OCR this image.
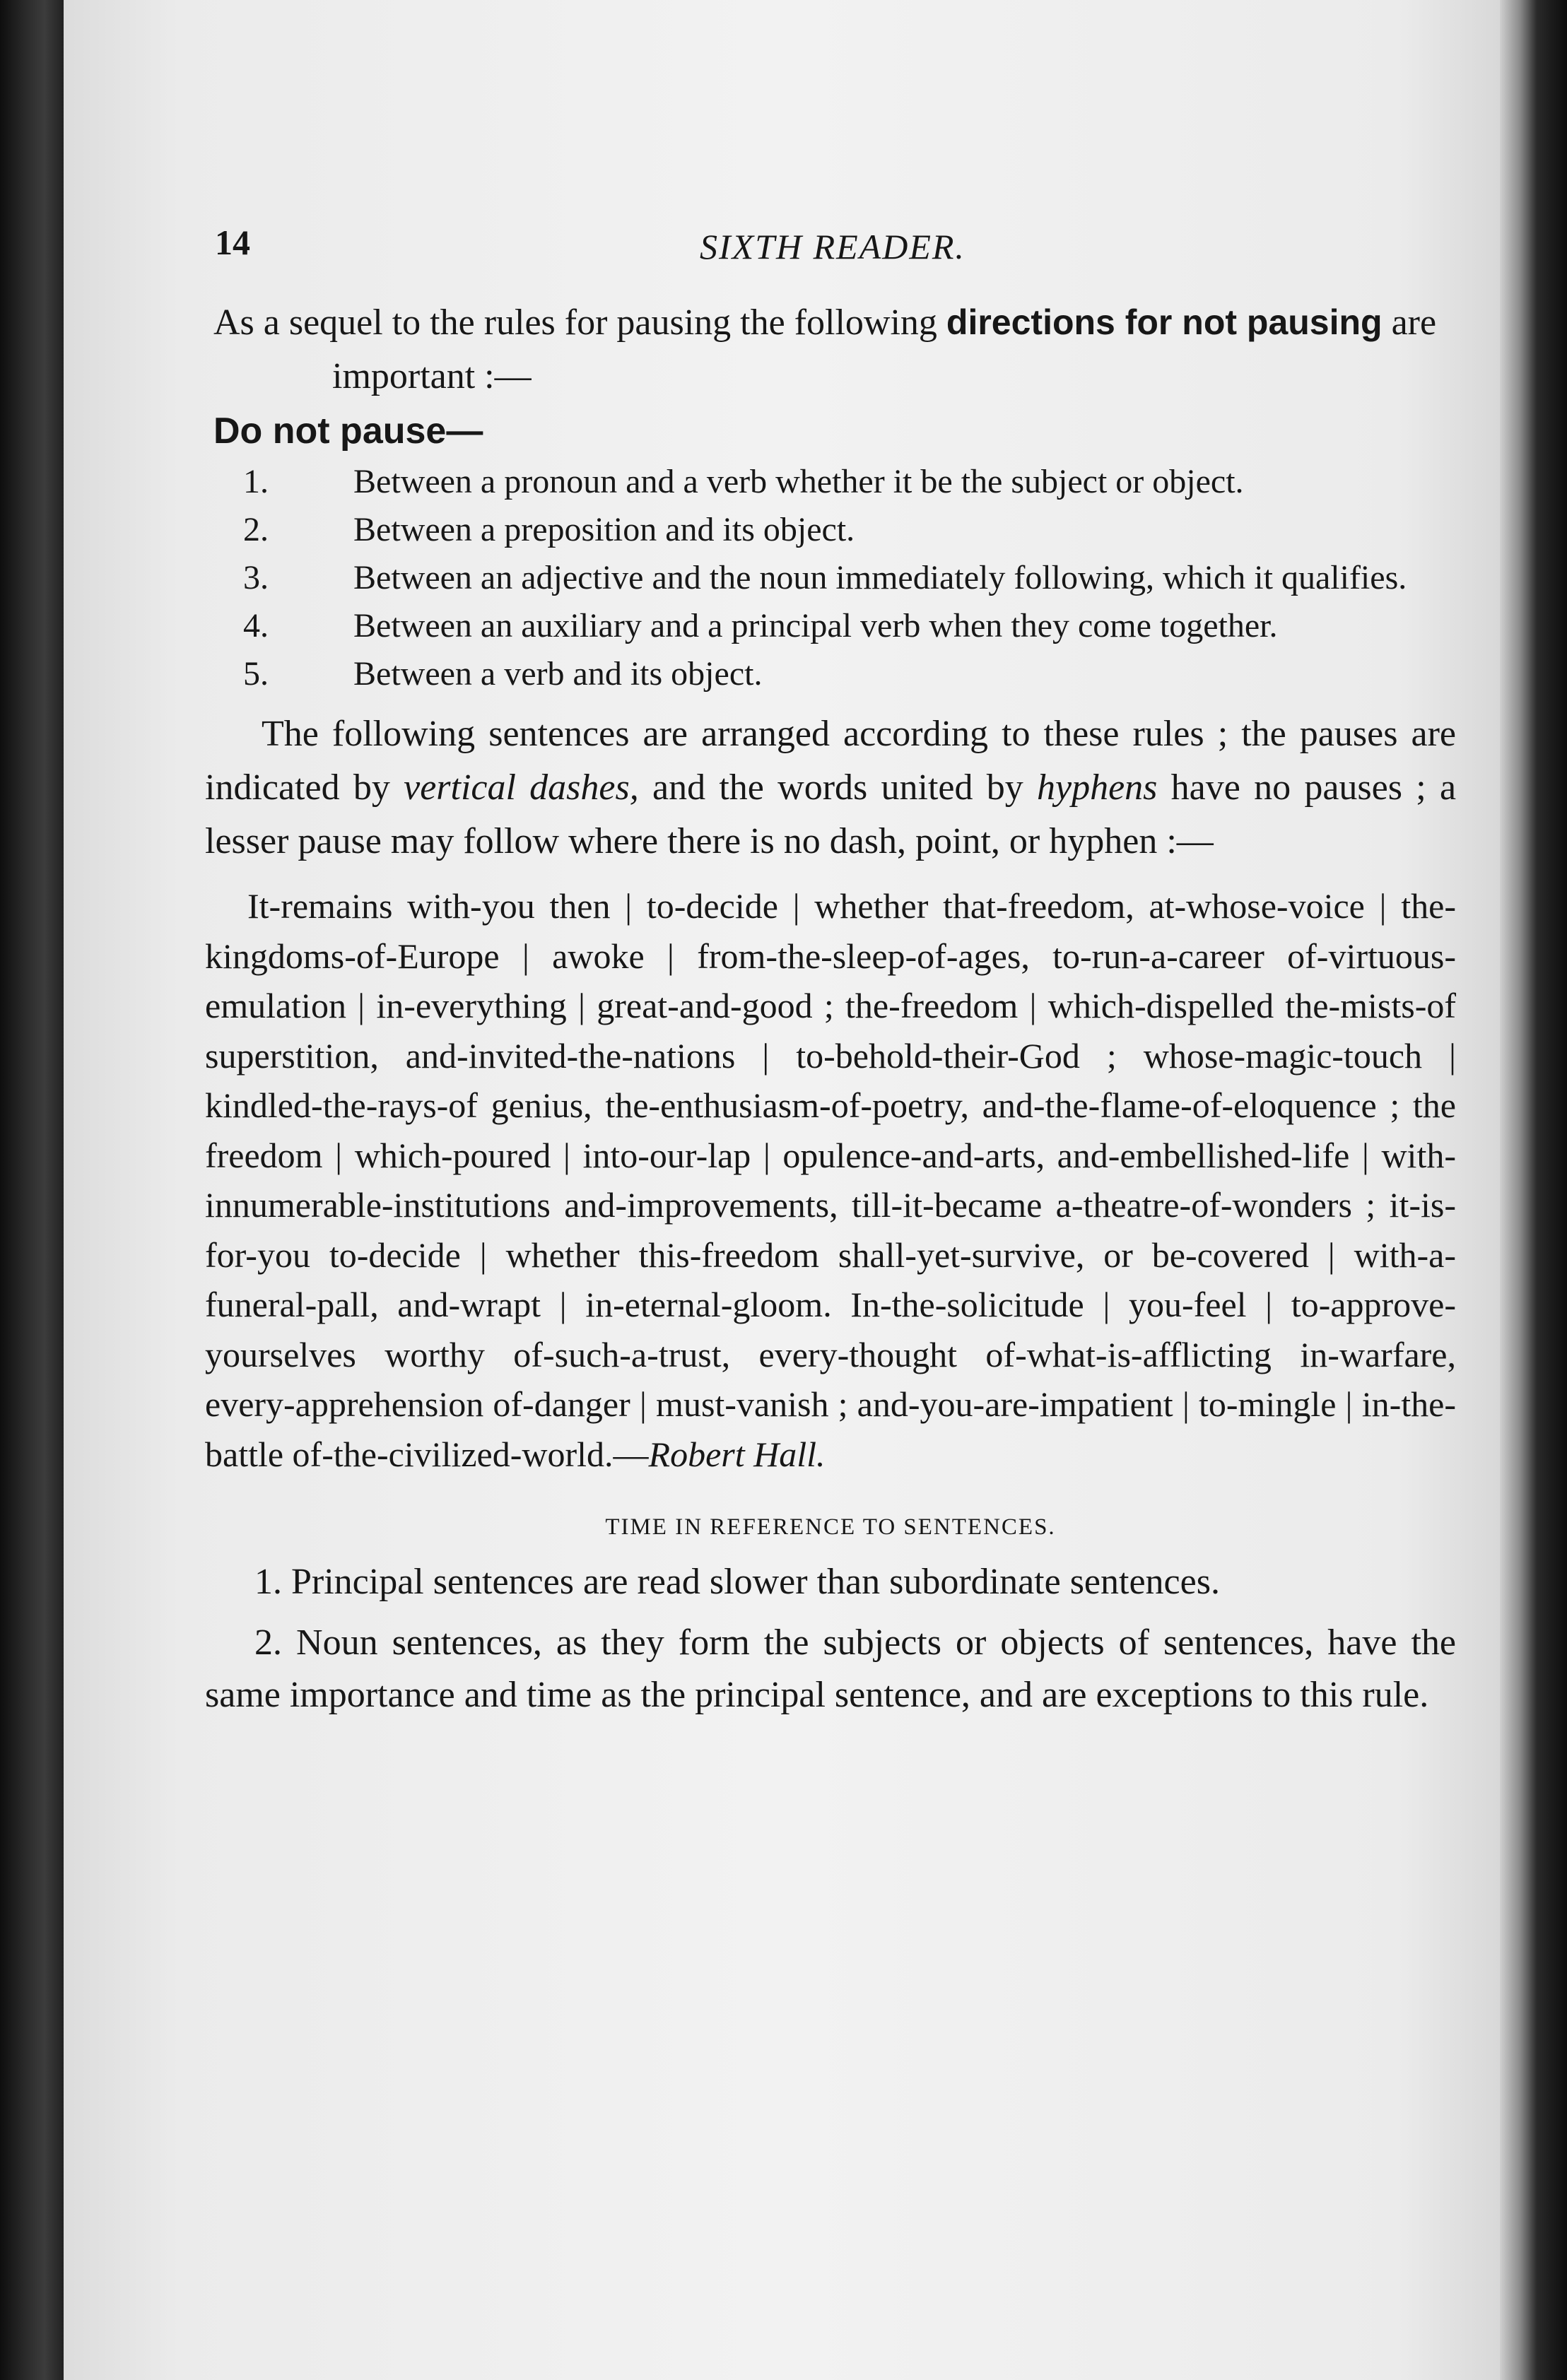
14	SIXTH READER.

As a sequel to the rules for pausing the following directions for not pausing are important :—

Do not pause—
1.	Between a pronoun and a verb whether it be the subject or object.
2.	Between a preposition and its object.
3.	Between an adjective and the noun immediately following, which it qualifies.
4.	Between an auxiliary and a principal verb when they come together.
5.	Between a verb and its object.

The following sentences are arranged according to these rules ; the pauses are indicated by vertical dashes, and the words united by hyphens have no pauses ; a lesser pause may follow where there is no dash, point, or hyphen :—

It-remains with-you then | to-decide | whether that-freedom, at-whose-voice | the-kingdoms-of-Europe | awoke | from-the-sleep-of-ages, to-run-a-career of-virtuous-emulation | in-everything | great-and-good ; the-freedom | which-dispelled the-mists-of superstition, and-invited-the-nations | to-behold-their-God ; whose-magic-touch | kindled-the-rays-of genius, the-enthusiasm-of-poetry, and-the-flame-of-eloquence ; the freedom | which-poured | into-our-lap | opulence-and-arts, and-embellished-life | with-innumerable-institutions and-improvements, till-it-became a-theatre-of-wonders ; it-is-for-you to-decide | whether this-freedom shall-yet-survive, or be-covered | with-a-funeral-pall, and-wrapt | in-eternal-gloom. In-the-solicitude | you-feel | to-approve-yourselves worthy of-such-a-trust, every-thought of-what-is-afflicting in-warfare, every-apprehension of-danger | must-vanish ; and-you-are-impatient | to-mingle | in-the-battle of-the-civilized-world.—Robert Hall.

TIME IN REFERENCE TO SENTENCES.

1. Principal sentences are read slower than subordinate sentences.

2. Noun sentences, as they form the subjects or objects of sentences, have the same importance and time as the principal sentence, and are exceptions to this rule.
